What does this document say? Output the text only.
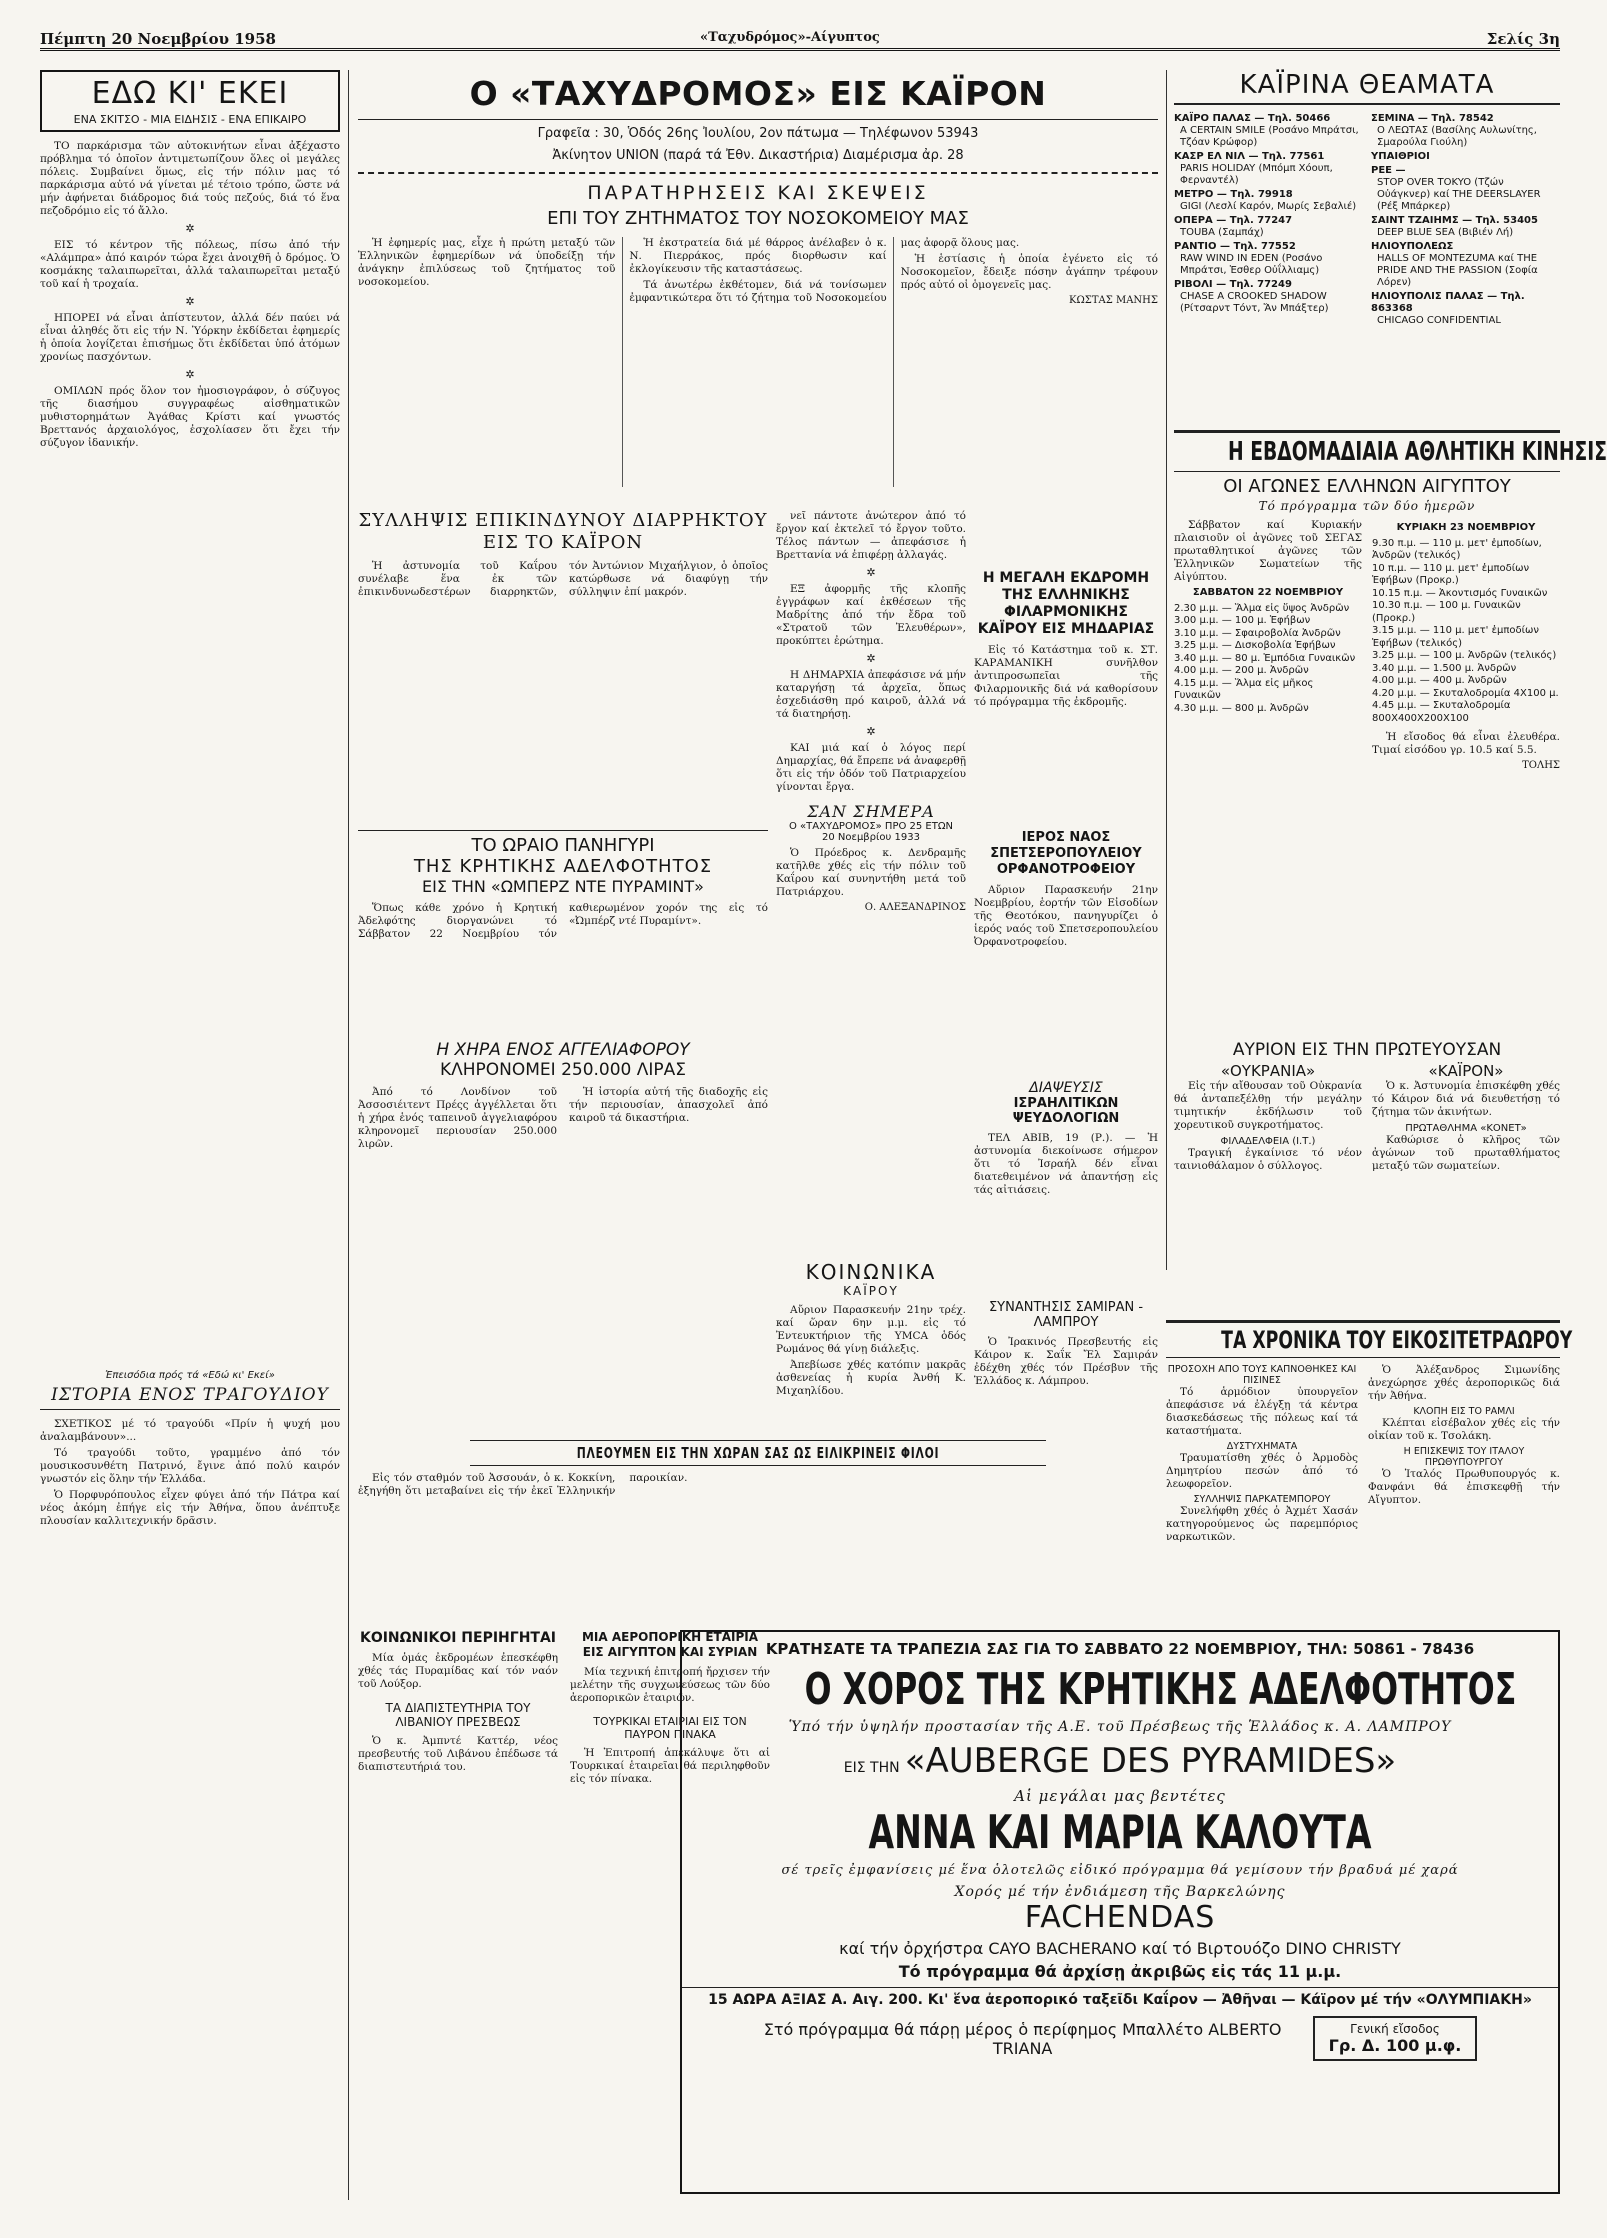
Πέμπτη 20 Νοεμβρίου 1958	«Ταχυδρόμος»-Αίγυπτος	Σελίς 3η
ΕΔΩ ΚΙ' ΕΚΕΙ
ΕΝΑ ΣΚΙΤΣΟ - ΜΙΑ ΕΙΔΗΣΙΣ - ΕΝΑ ΕΠΙΚΑΙΡΟ

ΤΟ παρκάρισμα τῶν αὐτοκινήτων εἶναι ἀξέχαστο πρόβλημα τό ὁποῖον ἀντιμετωπίζουν ὅλες οἱ μεγάλες πόλεις. Συμβαίνει ὅμως, εἰς τήν πόλιν μας τό παρκάρισμα αὐτό νά γίνεται μέ τέτοιο τρόπο, ὥστε νά μήν ἀφήνεται διάδρομος διά τούς πεζούς, διά τό ἕνα πεζοδρόμιο εἰς τό ἄλλο.

✲

ΕΙΣ τό κέντρον τῆς πόλεως, πίσω ἀπό τήν «Αλάμπρα» ἀπό καιρόν τώρα ἔχει ἀνοιχθῆ ὁ δρόμος. Ὁ κοσμάκης ταλαιπωρεῖται, ἀλλά ταλαιπωρεῖται μεταξύ τοῦ καί ἡ τροχαία.

✲

ΗΠΟΡΕΙ νά εἶναι ἀπίστευτον, ἀλλά δέν παύει νά εἶναι ἀληθές ὅτι εἰς τήν Ν. Ὑόρκην ἐκδίδεται ἐφημερίς ἡ ὁποία λογίζεται ἐπισήμως ὅτι ἐκδίδεται ὑπό ἀτόμων χρονίως πασχόντων.

✲

ΟΜΙΛΩΝ πρός ὅλον τον ἡμοσιογράφον, ὁ σύζυγος τῆς διασήμου συγγραφέως αἰσθηματικῶν μυθιστορημάτων Ἀγάθας Κρίστι καί γνωστός Βρεττανός ἀρχαιολόγος, ἐσχολίασεν ὅτι ἔχει τήν σύζυγον ἰδανικήν.

Ἐπεισόδια πρός τά «Εδώ κι' Εκεί»
ΙΣΤΟΡΙΑ ΕΝΟΣ ΤΡΑΓΟΥΔΙΟΥ

ΣΧΕΤΙΚΟΣ μέ τό τραγούδι «Πρίν ἡ ψυχή μου ἀναλαμβάνουν»...

Τό τραγούδι τοῦτο, γραμμένο ἀπό τόν μουσικοσυνθέτη Πατρινό, ἔγινε ἀπό πολύ καιρόν γνωστόν εἰς ὅλην τήν Ἑλλάδα.

Ὁ Πορφυρόπουλος εἶχεν φύγει ἀπό τήν Πάτρα καί νέος ἀκόμη ἐπήγε εἰς τήν Ἀθήνα, ὅπου ἀνέπτυξε πλουσίαν καλλιτεχνικήν δρᾶσιν.

Ο «ΤΑΧΥΔΡΟΜΟΣ» ΕΙΣ ΚΑΪΡΟΝ
Γραφεῖα : 30, Ὁδός 26ης Ἰουλίου, 2ον πάτωμα — Τηλέφωνον 53943
Ἀκίνητον UNION (παρά τά Ἐθν. Δικαστήρια) Διαμέρισμα ἀρ. 28
ΠΑΡΑΤΗΡΗΣΕΙΣ ΚΑΙ ΣΚΕΨΕΙΣ
ΕΠΙ ΤΟΥ ΖΗΤΗΜΑΤΟΣ ΤΟΥ ΝΟΣΟΚΟΜΕΙΟΥ ΜΑΣ

Ἡ ἐφημερίς μας, εἶχε ἡ πρώτη μεταξύ τῶν Ἑλληνικῶν ἐφημερίδων νά ὑποδείξῃ τήν ἀνάγκην ἐπιλύσεως τοῦ ζητήματος τοῦ νοσοκομείου.

Ἡ ἐκστρατεία διά μέ θάρρος ἀνέλαβεν ὁ κ. Ν. Πιερράκος, πρός διορθωσιν καί ἐκλογίκευσιν τῆς καταστάσεως.

Τά ἀνωτέρω ἐκθέτομεν, διά νά τονίσωμεν ἐμφαντικώτερα ὅτι τό ζήτημα τοῦ Νοσοκομείου μας ἀφορᾷ ὅλους μας.

Ἡ ἑστίασις ἡ ὁποία ἐγένετο εἰς τό Νοσοκομεῖον, ἔδειξε πόσην ἀγάπην τρέφουν πρός αὐτό οἱ ὁμογενεῖς μας.

ΚΩΣΤΑΣ ΜΑΝΗΣ
ΣΥΛΛΗΨΙΣ ΕΠΙΚΙΝΔΥΝΟΥ ΔΙΑΡΡΗΚΤΟΥ ΕΙΣ ΤΟ ΚΑΪΡΟΝ

Ἡ ἀστυνομία τοῦ Καΐρου συνέλαβε ἕνα ἐκ τῶν ἐπικινδυνωδεστέρων διαρρηκτῶν, τόν Ἀντώνιον Μιχαήλγιον, ὁ ὁποῖος κατώρθωσε νά διαφύγῃ τήν σύλληψιν ἐπί μακρόν.

ΤΟ ΩΡΑΙΟ ΠΑΝΗΓΥΡΙ
ΤΗΣ ΚΡΗΤΙΚΗΣ ΑΔΕΛΦΟΤΗΤΟΣ
ΕΙΣ ΤΗΝ «ΩΜΠΕΡΖ ΝΤΕ ΠΥΡΑΜΙΝΤ»

Ὅπως κάθε χρόνο ἡ Κρητική Ἀδελφότης διοργανώνει τό Σάββατον 22 Νοεμβρίου τόν καθιερωμένον χορόν της εἰς τό «Ὠμπέρζ ντέ Πυραμίντ».

Η ΧΗΡΑ ΕΝΟΣ ΑΓΓΕΛΙΑΦΟΡΟΥ
ΚΛΗΡΟΝΟΜΕΙ 250.000 ΛΙΡΑΣ

Ἀπό τό Λονδίνον τοῦ Ἀσσοσιέιτεντ Πρέςς ἀγγέλλεται ὅτι ἡ χήρα ἑνός ταπεινοῦ ἀγγελιαφόρου κληρονομεῖ περιουσίαν 250.000 λιρῶν.

Ἡ ἱστορία αὐτή τῆς διαδοχῆς εἰς τήν περιουσίαν, ἀπασχολεῖ ἀπό καιροῦ τά δικαστήρια.

ΚΟΙΝΩΝΙΚΑ
ΚΑΪΡΟΥ

Αὔριον Παρασκευήν 21ην τρέχ. καί ὥραν 6ην μ.μ. εἰς τό Ἐντευκτήριον τῆς ΥΜCΑ ὁδός Ρωμάνος θά γίνῃ διάλεξις.

Ἀπεβίωσε χθές κατόπιν μακρᾶς ἀσθενείας ἡ κυρία Ἀνθή Κ. Μιχαηλίδου.

Η ΜΕΓΑΛΗ ΕΚΔΡΟΜΗ ΤΗΣ ΕΛΛΗΝΙΚΗΣ ΦΙΛΑΡΜΟΝΙΚΗΣ ΚΑΪΡΟΥ ΕΙΣ ΜΗΔΑΡΙΑΣ

Εἰς τό Κατάστημα τοῦ κ. ΣΤ. ΚΑΡΑΜΑΝΙΚΗ συνῆλθον ἀντιπροσωπεῖαι τῆς Φιλαρμονικῆς διά νά καθορίσουν τό πρόγραμμα τῆς ἐκδρομῆς.

ΙΕΡΟΣ ΝΑΟΣ ΣΠΕΤΣΕΡΟΠΟΥΛΕΙΟΥ ΟΡΦΑΝΟΤΡΟΦΕΙΟΥ

Αὔριον Παρασκευήν 21ην Νοεμβρίου, ἑορτήν τῶν Εἰσοδίων τῆς Θεοτόκου, πανηγυρίζει ὁ ἱερός ναός τοῦ Σπετσεροπουλείου Ὀρφανοτροφείου.

ΔΙΑΨΕΥΣΙΣ
ΙΣΡΑΗΛΙΤΙΚΩΝ ΨΕΥΔΟΛΟΓΙΩΝ

ΤΕΛ ΑΒΙΒ, 19 (Ρ.). — Ἡ ἀστυνομία διεκοίνωσε σήμερον ὅτι τό Ἰσραήλ δέν εἶναι διατεθειμένον νά ἀπαντήσῃ εἰς τάς αἰτιάσεις.

ΣΥΝΑΝΤΗΣΙΣ ΣΑΜΙΡΑΝ - ΛΑΜΠΡΟΥ

Ὁ Ἰρακινός Πρεσβευτής εἰς Κάιρον κ. Σαΐκ Ἔλ Σαμιράν ἐδέχθη χθές τόν Πρέσβυν τῆς Ἑλλάδος κ. Λάμπρου.

ΠΛΕΟΥΜΕΝ ΕΙΣ ΤΗΝ ΧΩΡΑΝ ΣΑΣ ΩΣ ΕΙΛΙΚΡΙΝΕΙΣ ΦΙΛΟΙ

Εἰς τόν σταθμόν τοῦ Ἀσσουάν, ὁ κ. Κοκκίνη, ἐξηγήθη ὅτι μεταβαίνει εἰς τήν ἐκεῖ Ἑλληνικήν παροικίαν.

ΚΟΙΝΩΝΙΚΟΙ ΠΕΡΙΗΓΗΤΑΙ

Μία ὁμάς ἐκδρομέων ἐπεσκέφθη χθές τάς Πυραμίδας καί τόν ναόν τοῦ Λούξορ.

ΤΑ ΔΙΑΠΙΣΤΕΥΤΗΡΙΑ ΤΟΥ ΛΙΒΑΝΙΟΥ ΠΡΕΣΒΕΩΣ

Ὁ κ. Ἀμπντέ Καττέρ, νέος πρεσβευτής τοῦ Λιβάνου ἐπέδωσε τά διαπιστευτήριά του.

ΜΙΑ ΑΕΡΟΠΟΡΙΚΗ ΕΤΑΙΡΙΑ ΕΙΣ ΑΙΓΥΠΤΟΝ ΚΑΙ ΣΥΡΙΑΝ

Μία τεχνική ἐπιτροπή ἤρχισεν τήν μελέτην τῆς συγχωνεύσεως τῶν δύο ἀεροπορικῶν ἑταιριῶν.

ΤΟΥΡΚΙΚΑΙ ΕΤΑΙΡΙΑΙ ΕΙΣ ΤΟΝ ΠΑΥΡΟΝ ΠΙΝΑΚΑ

Ἡ Ἐπιτροπή ἀπεκάλυψε ὅτι αἱ Τουρκικαί ἑταιρεῖαι θά περιληφθοῦν εἰς τόν πίνακα.

νεῖ πάντοτε ἀνώτερον ἀπό τό ἔργον καί ἐκτελεῖ τό ἔργον τοῦτο. Τέλος πάντων — ἀπεφάσισε ἡ Βρεττανία νά ἐπιφέρῃ ἀλλαγάς.

✲

ΕΞ ἀφορμῆς τῆς κλοπῆς ἐγγράφων καί ἐκθέσεων τῆς Μαδρίτης ἀπό τήν ἔδρα τοῦ «Στρατοῦ τῶν Ἐλευθέρων», προκύπτει ἐρώτημα.

✲

Η ΔΗΜΑΡΧΙΑ ἀπεφάσισε νά μήν καταργήσῃ τά ἀρχεῖα, ὅπως ἐσχεδιάσθη πρό καιροῦ, ἀλλά νά τά διατηρήσῃ.

✲

ΚΑΙ μιά καί ὁ λόγος περί Δημαρχίας, θά ἔπρεπε νά ἀναφερθῇ ὅτι εἰς τήν ὁδόν τοῦ Πατριαρχείου γίνονται ἔργα.

ΣΑΝ ΣΗΜΕΡΑ
Ο «ΤΑΧΥΔΡΟΜΟΣ» ΠΡΟ 25 ΕΤΩΝ
20 Νοεμβρίου 1933

Ὁ Πρόεδρος κ. Δενδραμῆς κατῆλθε χθές εἰς τήν πόλιν τοῦ Καΐρου καί συνηντήθη μετά τοῦ Πατριάρχου.

Ο. ΑΛΕΞΑΝΔΡΙΝΟΣ
ΚΑΪΡΙΝΑ ΘΕΑΜΑΤΑ
ΚΑΪΡΟ ΠΑΛΑΣ — Τηλ. 50466
A CERTAIN SMILE (Ροσάνο Μπράτσι, Τζόαν Κρώφορ)
ΚΑΣΡ ΕΛ ΝΙΛ — Τηλ. 77561
PARIS HOLIDAY (Μπόμπ Χόουπ, Φερναντέλ)
ΜΕΤΡΟ — Τηλ. 79918
GIGI (Λεσλί Καρόν, Μωρίς Σεβαλιέ)
ΟΠΕΡΑ — Τηλ. 77247
TOUBA (Σαμπάχ)
ΡΑΝΤΙΟ — Τηλ. 77552
RAW WIND IN EDEN (Ροσάνο Μπράτσι, Ἐσθερ Οὐΐλλιαμς)
ΡΙΒΟΛΙ — Τηλ. 77249
CHASE A CROOKED SHADOW (Ρίτσαρντ Τόντ, Ἄν Μπάξτερ)
ΣΕΜΙΝΑ — Τηλ. 78542
Ο ΛΕΩΤΑΣ (Βασίλης Αυλωνίτης, Σμαρούλα Γιούλη)
ΥΠΑΙΘΡΙΟΙ
ΡΕΕ —
STOP OVER TOKYO (Τζών Οὐάγκνερ) καί THE DEERSLAYER (Ρέξ Μπάρκερ)
ΣΑΙΝΤ ΤΖΑΙΗΜΣ — Τηλ. 53405
DEEP BLUE SEA (Βιβιέν Λή)
ΗΛΙΟΥΠΟΛΕΩΣ
HALLS OF MONTEZUMA καί THE PRIDE AND THE PASSION (Σοφία Λόρεν)
ΗΛΙΟΥΠΟΛΙΣ ΠΑΛΑΣ — Τηλ. 863368
CHICAGO CONFIDENTIAL
Η ΕΒΔΟΜΑΔΙΑΙΑ ΑΘΛΗΤΙΚΗ ΚΙΝΗΣΙΣ
ΟΙ ΑΓΩΝΕΣ ΕΛΛΗΝΩΝ ΑΙΓΥΠΤΟΥ
Τό πρόγραμμα τῶν δύο ἡμερῶν

Σάββατον καί Κυριακήν πλαισιοῦν οἱ ἀγῶνες τοῦ ΣΕΓΑΣ πρωταθλητικοί ἀγῶνες τῶν Ἑλληνικῶν Σωματείων τῆς Αἰγύπτου.

ΣΑΒΒΑΤΟΝ 22 ΝΟΕΜΒΡΙΟΥ
2.30 μ.μ. — Ἅλμα εἰς ὕψος Ἀνδρῶν
3.00 μ.μ. — 100 μ. Ἐφήβων
3.10 μ.μ. — Σφαιροβολία Ἀνδρῶν
3.25 μ.μ. — Δισκοβολία Ἐφήβων
3.40 μ.μ. — 80 μ. Ἐμπόδια Γυναικῶν
4.00 μ.μ. — 200 μ. Ἀνδρῶν
4.15 μ.μ. — Ἅλμα εἰς μῆκος Γυναικῶν
4.30 μ.μ. — 800 μ. Ἀνδρῶν
ΚΥΡΙΑΚΗ 23 ΝΟΕΜΒΡΙΟΥ
9.30 π.μ. — 110 μ. μετ' ἐμποδίων, Ἀνδρῶν (τελικός)
10 π.μ. — 110 μ. μετ' ἐμποδίων Ἐφήβων (Προκρ.)
10.15 π.μ. — Ἀκοντισμός Γυναικῶν
10.30 π.μ. — 100 μ. Γυναικῶν (Προκρ.)
3.15 μ.μ. — 110 μ. μετ' ἐμποδίων Ἐφήβων (τελικός)
3.25 μ.μ. — 100 μ. Ἀνδρῶν (τελικός)
3.40 μ.μ. — 1.500 μ. Ἀνδρῶν
4.00 μ.μ. — 400 μ. Ἀνδρῶν
4.20 μ.μ. — Σκυταλοδρομία 4Χ100 μ.
4.45 μ.μ. — Σκυταλοδρομία 800Χ400Χ200Χ100

Ἡ εἴσοδος θά εἶναι ἐλευθέρα. Τιμαί εἰσόδου γρ. 10.5 καί 5.5.

ΤΟΛΗΣ
ΑΥΡΙΟΝ ΕΙΣ ΤΗΝ ΠΡΩΤΕΥΟΥΣΑΝ
«ΟΥΚΡΑΝΙΑ»

Εἰς τήν αἴθουσαν τοῦ Οὐκρανία θά ἀνταπεξέλθῃ τήν μεγάλην τιμητικήν ἐκδήλωσιν τοῦ χορευτικοῦ συγκροτήματος.

ΦΙΛΑΔΕΛΦΕΙΑ (Ι.Τ.)

Τραγική ἐγκαίνισε τό νέον ταινιοθάλαμον ὁ σύλλογος.

«ΚΑΪΡΟΝ»

Ὁ κ. Ἀστυνομία ἐπισκέφθη χθές τό Κάιρον διά νά διευθετήσῃ τό ζήτημα τῶν ἀκινήτων.

ΠΡΩΤΑΘΛΗΜΑ «ΚΟΝΕΤ»

Καθώρισε ὁ κλῆρος τῶν ἀγώνων τοῦ πρωταθλήματος μεταξύ τῶν σωματείων.

ΤΑ ΧΡΟΝΙΚΑ ΤΟΥ ΕΙΚΟΣΙΤΕΤΡΑΩΡΟΥ
ΠΡΟΣΟΧΗ ΑΠΟ ΤΟΥΣ ΚΑΠΝΟΘΗΚΕΣ ΚΑΙ ΠΙΣΙΝΕΣ

Τό ἁρμόδιον ὑπουργεῖον ἀπεφάσισε νά ἐλέγξῃ τά κέντρα διασκεδάσεως τῆς πόλεως καί τά καταστήματα.

ΔΥΣΤΥΧΗΜΑΤΑ

Τραυματίσθη χθές ὁ Ἀρμοδὸς Δημητρίου πεσών ἀπό τό λεωφορεῖον.

ΣΥΛΛΗΨΙΣ ΠΑΡΚΑΤΕΜΠΟΡΟΥ

Συνελήφθη χθές ὁ Ἀχμέτ Χασάν κατηγορούμενος ὡς παρεμπόριος ναρκωτικῶν.

Ὁ Ἀλέξανδρος Σιμωνίδης ἀνεχώρησε χθές ἀεροπορικῶς διά τήν Ἀθήνα.

ΚΛΟΠΗ ΕΙΣ ΤΟ ΡΑΜΛΙ

Κλέπται εἰσέβαλον χθές εἰς τήν οἰκίαν τοῦ κ. Τσολάκη.

Η ΕΠΙΣΚΕΨΙΣ ΤΟΥ ΙΤΑΛΟΥ ΠΡΩΘΥΠΟΥΡΓΟΥ

Ὁ Ἰταλός Πρωθυπουργός κ. Φανφάνι θά ἐπισκεφθῇ τήν Αἴγυπτον.

ΚΡΑΤΗΣΑΤΕ ΤΑ ΤΡΑΠΕΖΙΑ ΣΑΣ ΓΙΑ ΤΟ ΣΑΒΒΑΤΟ 22 ΝΟΕΜΒΡΙΟΥ, ΤΗΛ: 50861 - 78436
Ο ΧΟΡΟΣ ΤΗΣ ΚΡΗΤΙΚΗΣ ΑΔΕΛΦΟΤΗΤΟΣ
Ὑπό τήν ὑψηλήν προστασίαν τῆς Α.Ε. τοῦ Πρέσβεως τῆς Ἑλλάδος κ. Α. ΛΑΜΠΡΟΥ
ΕΙΣ ΤΗΝ «AUBERGE DES PYRAMIDES»
Αἱ μεγάλαι μας βεντέτες
ΑΝΝΑ ΚΑΙ ΜΑΡΙΑ ΚΑΛΟΥΤΑ
σέ τρεῖς ἐμφανίσεις μέ ἕνα ὁλοτελῶς εἰδικό πρόγραμμα θά γεμίσουν τήν βραδυά μέ χαρά
Χορός μέ τήν ἐνδιάμεση τῆς Βαρκελώνης
FACHENDAS
καί τήν ὀρχήστρα CAYO BACHERANO καί τό Βιρτουόζο DINO CHRISTY
Τό πρόγραμμα θά ἀρχίσῃ ἀκριβῶς εἰς τάς 11 μ.μ.
15 ΑΩΡΑ ΑΞΙΑΣ Α. Αιγ. 200. Κι' ἕνα ἀεροπορικό ταξεῖδι Καΐρον — Ἀθῆναι — Κάϊρον μέ τήν «ΟΛΥΜΠΙΑΚΗ»
Στό πρόγραμμα θά πάρῃ μέρος ὁ περίφημος Μπαλλέτο ALBERTO TRIANA
Γενική εἴσοδος
Γρ. Δ. 100 μ.φ.
